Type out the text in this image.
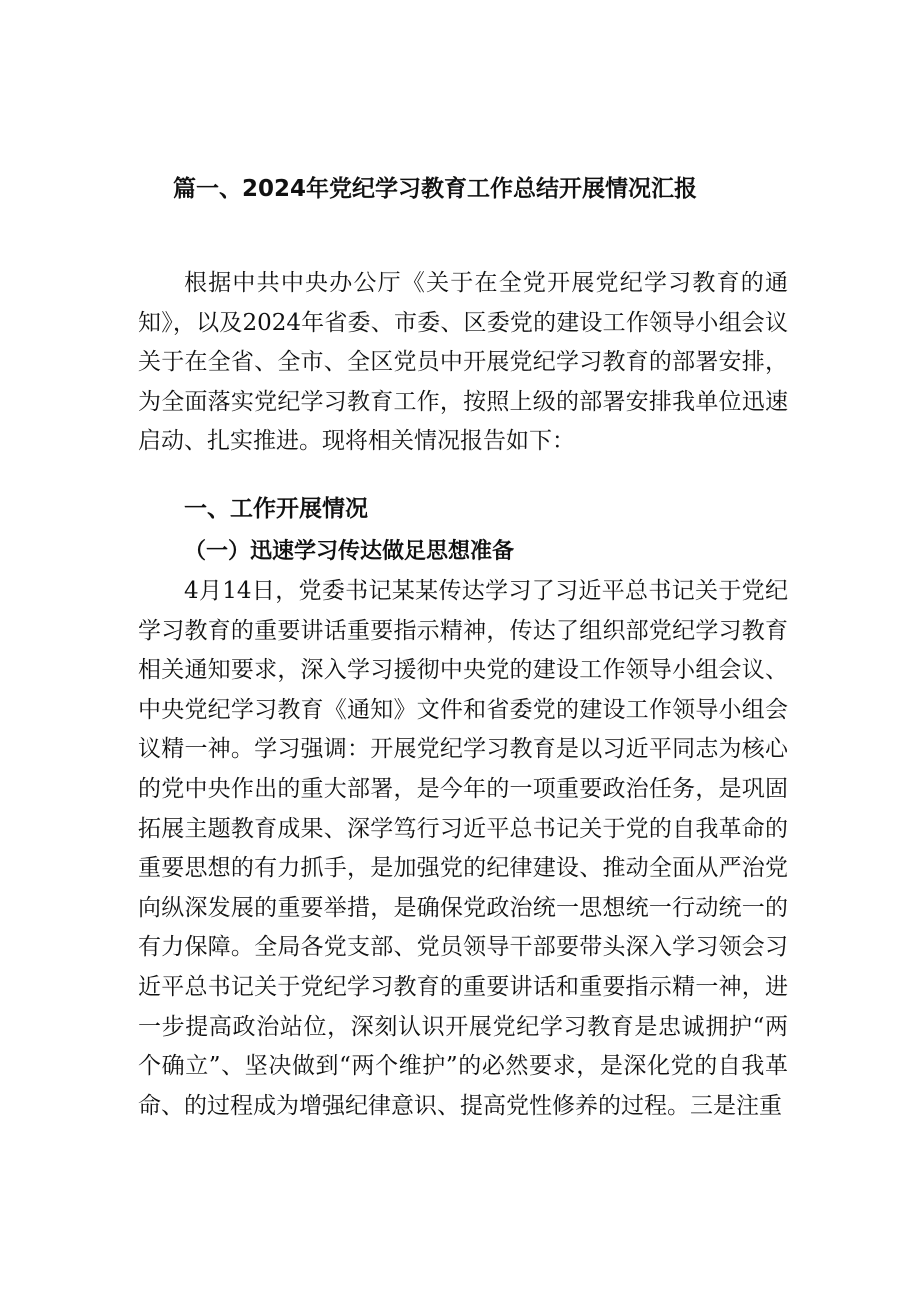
篇一、2024年党纪学习教育工作总结开展情况汇报

根据中共中央办公厅《关于在全党开展党纪学习教育的通知》，以及2024年省委、市委、区委党的建设工作领导小组会议关于在全省、全市、全区党员中开展党纪学习教育的部署安排，为全面落实党纪学习教育工作，按照上级的部署安排我单位迅速启动、扎实推进。现将相关情况报告如下：

一、工作开展情况
（一）迅速学习传达做足思想准备

4月14日，党委书记某某传达学习了习近平总书记关于党纪学习教育的重要讲话重要指示精神，传达了组织部党纪学习教育相关通知要求，深入学习援彻中央党的建设工作领导小组会议、中央党纪学习教育《通知》文件和省委党的建设工作领导小组会议精一神。学习强调：开展党纪学习教育是以习近平同志为核心的党中央作出的重大部署，是今年的一项重要政治任务，是巩固拓展主题教育成果、深学笃行习近平总书记关于党的自我革命的重要思想的有力抓手，是加强党的纪律建设、推动全面从严治党向纵深发展的重要举措，是确保党政治统一思想统一行动统一的有力保障。全局各党支部、党员领导干部要带头深入学习领会习近平总书记关于党纪学习教育的重要讲话和重要指示精一神，进一步提高政治站位，深刻认识开展党纪学习教育是忠诚拥护“两个确立”、坚决做到“两个维护”的必然要求，是深化党的自我革命、的过程成为增强纪律意识、提高党性修养的过程。三是注重
